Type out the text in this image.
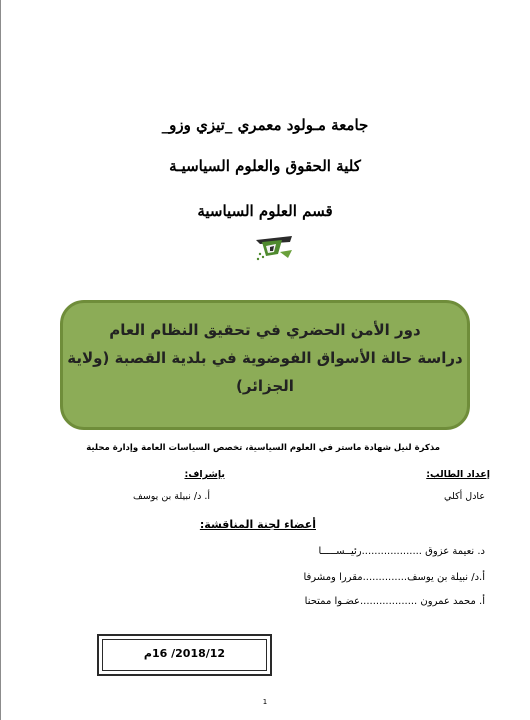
جامعة مـولود معمري _تيزي وزو_
كلية الحقوق والعلوم السياسيـة
قسم العلوم السياسية
دور الأمن الحضري في تحقيق النظام العام
دراسة حالة الأسواق الفوضوية في بلدية القصبة (ولاية
الجزائر)
مذكرة لنيل شهادة ماستر في العلوم السياسية، تخصص السياسات العامة وإدارة محلية
إعداد الطالب:
بإشراف:
عادل أكلي
أ. د/ نبيلة بن يوسف
أعضاء لجنة المناقشة:
د. نعيمة عزوق ...................رئيــســـــا
أ.د/ نبيلة بن يوسف..............مقررا ومشرفا
أ. محمد عمرون ..................عضـوا ممتحنا
2018/12/ 16م
1
